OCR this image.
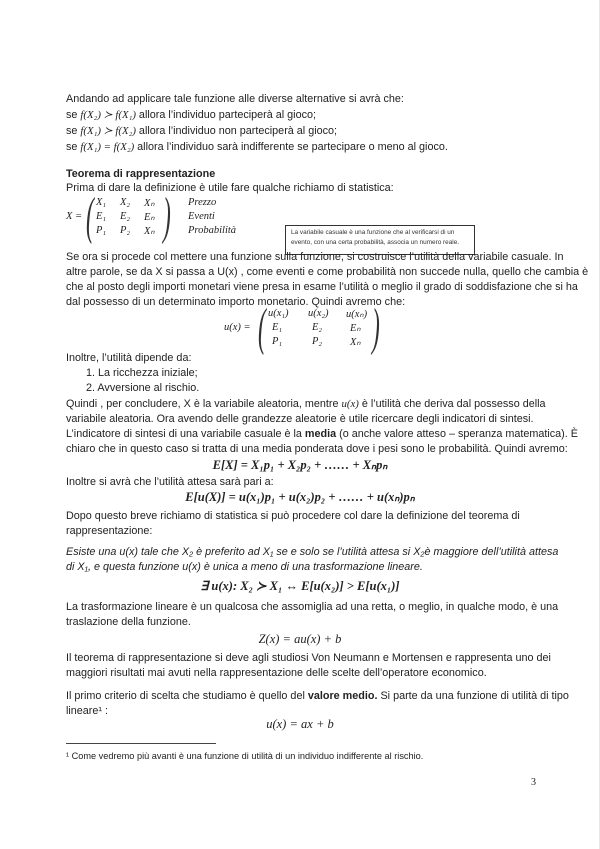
Andando ad applicare tale funzione alle diverse alternative si avrà che:
se f(X₂) ≻ f(X₁) allora l’individuo parteciperà al gioco;
se f(X₁) ≻ f(X₂) allora l’individuo non parteciperà al gioco;
se f(X₁) = f(X₂) allora l’individuo sarà indifferente se partecipare o meno al gioco.
Teorema di rappresentazione
Prima di dare la definizione è utile fare qualche richiamo di statistica:
X = ( )
X₁ X₂ Xₙ
E₁ E₂ Eₙ
P₁ P₂ Xₙ
Prezzo
Eventi
Probabilità	La variabile casuale è una funzione che al verificarsi di un evento, con una certa probabilità, associa un numero reale.
Se ora si procede col mettere una funzione sulla funzione, si costruisce l’utilità della variabile casuale. In
altre parole, se da X si passa a U(x) , come eventi e come probabilità non succede nulla, quello che cambia è
che al posto degli importi monetari viene presa in esame l’utilità o meglio il grado di soddisfazione che si ha
dal possesso di un determinato importo monetario. Quindi avremo che:
u(x) = ( )
u(x₁) u(x₂) u(xₙ)
E₁	E₂	Eₙ
P₁	P₂	Xₙ
Inoltre, l’utilità dipende da:
1. La ricchezza iniziale;
2. Avversione al rischio.
Quindi , per concludere, X è la variabile aleatoria, mentre u(x) è l’utilità che deriva dal possesso della
variabile aleatoria. Ora avendo delle grandezze aleatorie è utile ricercare degli indicatori di sintesi.
L’indicatore di sintesi di una variabile casuale è la media (o anche valore atteso – speranza matematica). È
chiaro che in questo caso si tratta di una media ponderata dove i pesi sono le probabilità. Quindi avremo:
E[X] = X₁p₁ + X₂p₂ + …… + Xₙpₙ
Inoltre si avrà che l’utilità attesa sarà pari a:
E[u(X)] = u(x₁)p₁ + u(x₂)p₂ + …… + u(xₙ)pₙ
Dopo questo breve richiamo di statistica si può procedere col dare la definizione del teorema di
rappresentazione:
Esiste una u(x) tale che X₂ è preferito ad X₁ se e solo se l’utilità attesa si X₂è maggiore dell’utilità attesa
di X₁, e questa funzione u(x) è unica a meno di una trasformazione lineare.
∃ u(x): X₂ ≻ X₁ ↔ E[u(x₂)] > E[u(x₁)]
La trasformazione lineare è un qualcosa che assomiglia ad una retta, o meglio, in qualche modo, è una
traslazione della funzione.
Z(x) = au(x) + b
Il teorema di rappresentazione si deve agli studiosi Von Neumann e Mortensen e rappresenta uno dei
maggiori risultati mai avuti nella rappresentazione delle scelte dell’operatore economico.
Il primo criterio di scelta che studiamo è quello del valore medio. Si parte da una funzione di utilità di tipo
lineare¹ :
u(x) = ax + b
¹ Come vedremo più avanti è una funzione di utilità di un individuo indifferente al rischio.
3
